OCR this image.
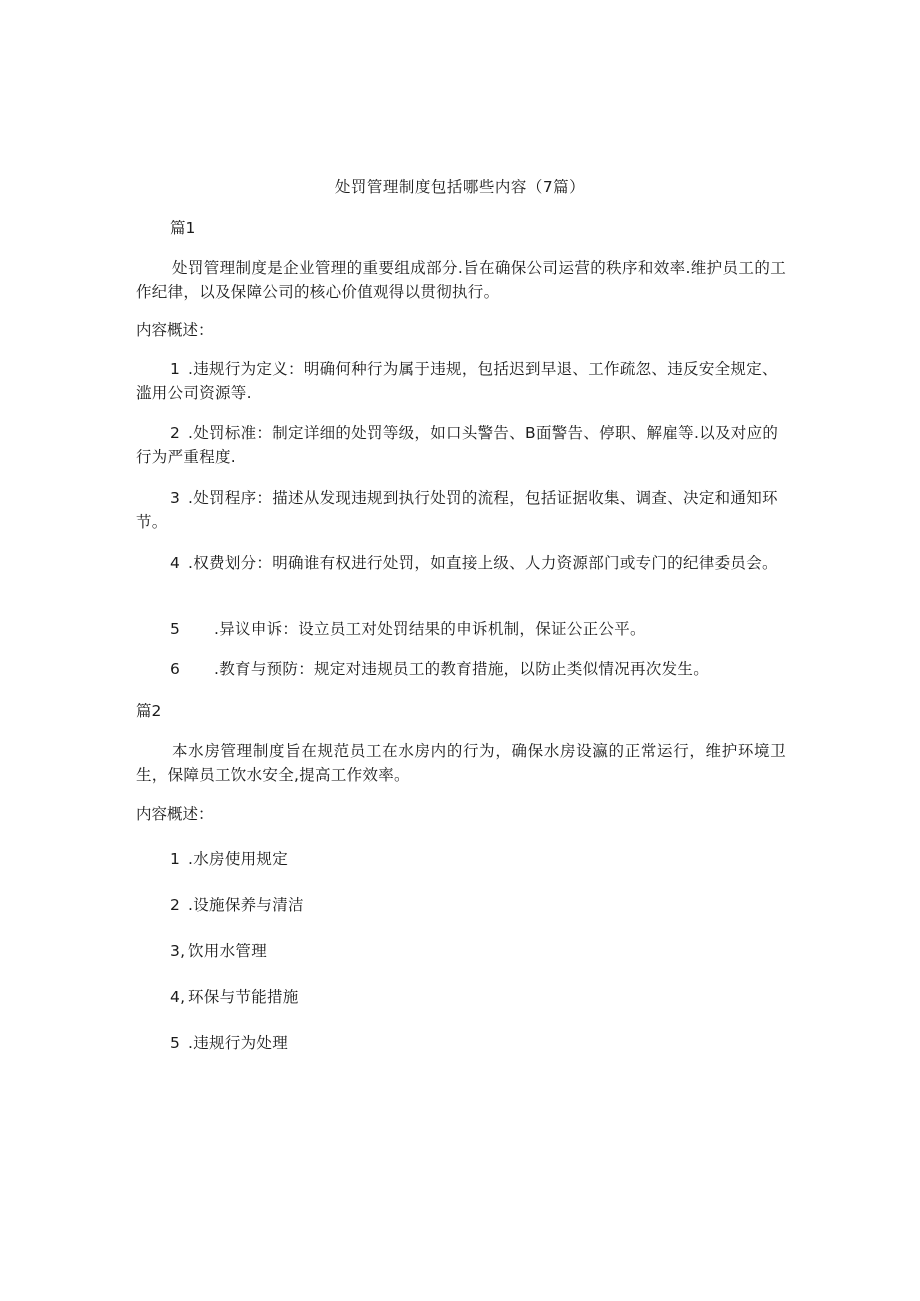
处罚管理制度包括哪些内容（7篇）
篇1
处罚管理制度是企业管理的重要组成部分.旨在确保公司运营的秩序和效率.维护员工的工作纪律，以及保障公司的核心价值观得以贯彻执行。
内容概述：
1 .违规行为定义：明确何种行为属于违规，包括迟到早退、工作疏忽、违反安全规定、滥用公司资源等.
2 .处罚标准：制定详细的处罚等级，如口头警告、B面警告、停职、解雇等.以及对应的行为严重程度.
3 .处罚程序：描述从发现违规到执行处罚的流程，包括证据收集、调查、决定和通知环节。
4 .权费划分：明确谁有权进行处罚，如直接上级、人力资源部门或专门的纪律委员会。
5 .异议申诉：设立员工对处罚结果的申诉机制，保证公正公平。
6 .教育与预防：规定对违规员工的教育措施，以防止类似情况再次发生。
篇2
本水房管理制度旨在规范员工在水房内的行为，确保水房设瀛的正常运行，维护环境卫生，保障员工饮水安全,提高工作效率。
内容概述：
1 .水房使用规定
2 .设施保养与清洁
3, 饮用水管理
4, 环保与节能措施
5 .违规行为处理
